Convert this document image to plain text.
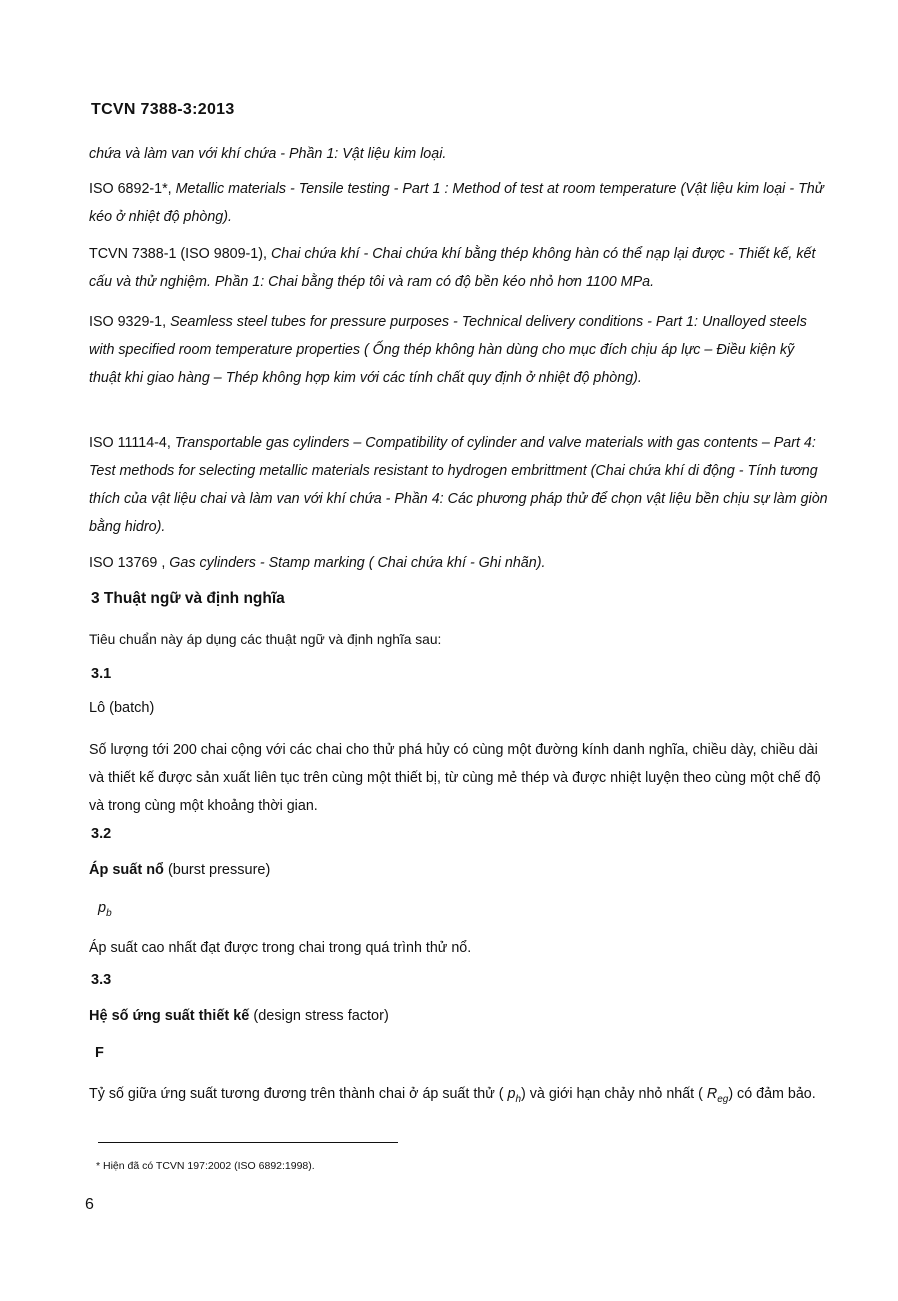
TCVN 7388-3:2013
chứa và làm van với khí chứa - Phần 1: Vật liệu kim loại.
ISO 6892-1*, Metallic materials - Tensile testing - Part 1 : Method of test at room temperature (Vật liệu kim loại - Thử kéo ở nhiệt độ phòng).
TCVN 7388-1 (ISO 9809-1), Chai chứa khí - Chai chứa khí bằng thép không hàn có thể nạp lại được - Thiết kế, kết cấu và thử nghiệm. Phần 1: Chai bằng thép tôi và ram có độ bền kéo nhỏ hơn 1100 MPa.
ISO 9329-1, Seamless steel tubes for pressure purposes - Technical delivery conditions - Part 1: Unalloyed steels with specified room temperature properties ( Ống thép không hàn dùng cho mục đích chịu áp lực – Điều kiện kỹ thuật khi giao hàng – Thép không hợp kim với các tính chất quy định ở nhiệt độ phòng).
ISO 11114-4, Transportable gas cylinders – Compatibility of cylinder and valve materials with gas contents – Part 4: Test methods for selecting metallic materials resistant to hydrogen embrittment (Chai chứa khí di động - Tính tương thích của vật liệu chai và làm van với khí chứa - Phần 4: Các phương pháp thử để chọn vật liệu bền chịu sự làm giòn bằng hidro).
ISO 13769 , Gas cylinders - Stamp marking ( Chai chứa khí - Ghi nhãn).
3 Thuật ngữ và định nghĩa
Tiêu chuẩn này áp dụng các thuật ngữ và định nghĩa sau:
3.1
Lô (batch)
Số lượng tới 200 chai cộng với các chai cho thử phá hủy có cùng một đường kính danh nghĩa, chiều dày, chiều dài và thiết kế được sản xuất liên tục trên cùng một thiết bị, từ cùng mẻ thép và được nhiệt luyện theo cùng một chế độ và trong cùng một khoảng thời gian.
3.2
Áp suất nổ (burst pressure)
$p_b$
Áp suất cao nhất đạt được trong chai trong quá trình thử nổ.
3.3
Hệ số ứng suất thiết kế (design stress factor)
F
Tỷ số giữa ứng suất tương đương trên thành chai ở áp suất thử ( $p_h$) và giới hạn chảy nhỏ nhất ( $R_{eg}$) có đảm bảo.
* Hiện đã có TCVN 197:2002 (ISO 6892:1998).
6
